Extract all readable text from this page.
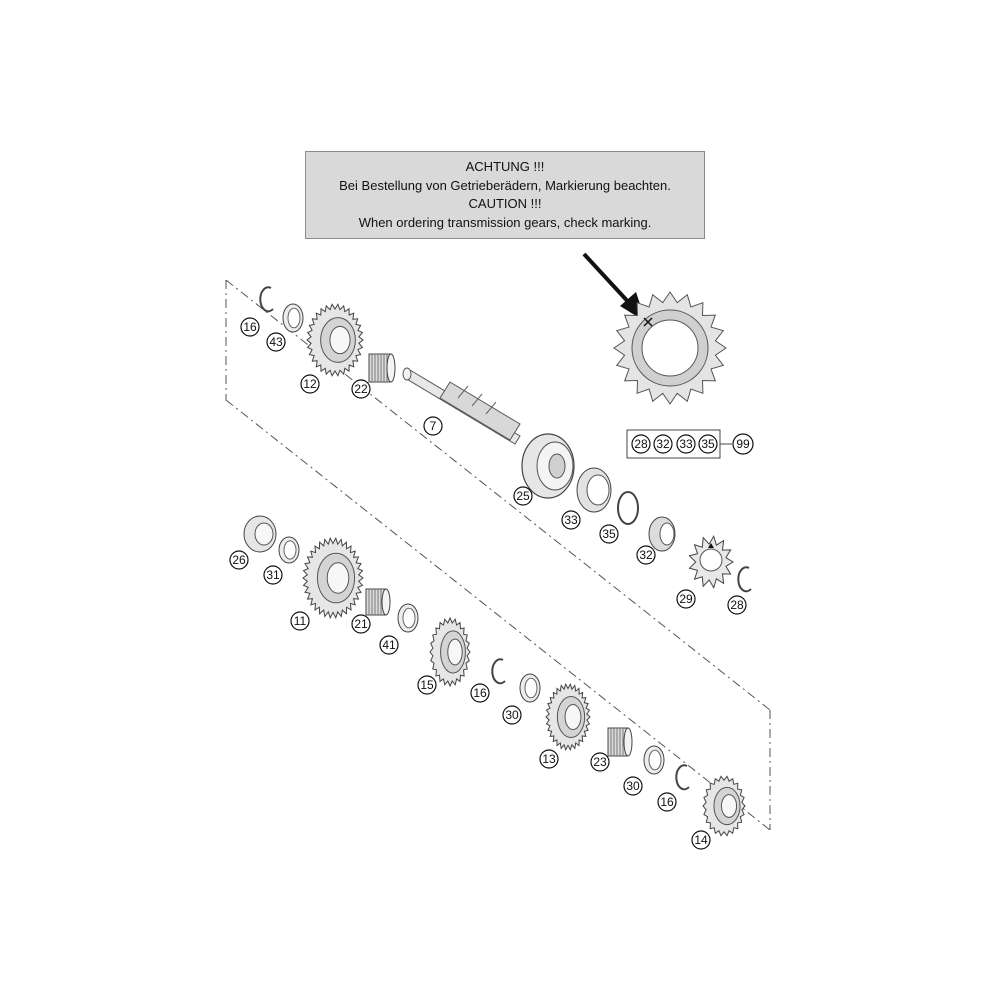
ACHTUNG !!!
Bei Bestellung von Getrieberädern, Markierung beachten.
CAUTION !!!
When ordering transmission gears, check marking.
16
43
12	22
7
25
33
35
32
29	28
26
31
11	21
41
15
16
30
13	23
30
16
14
28 32 33 35 99
